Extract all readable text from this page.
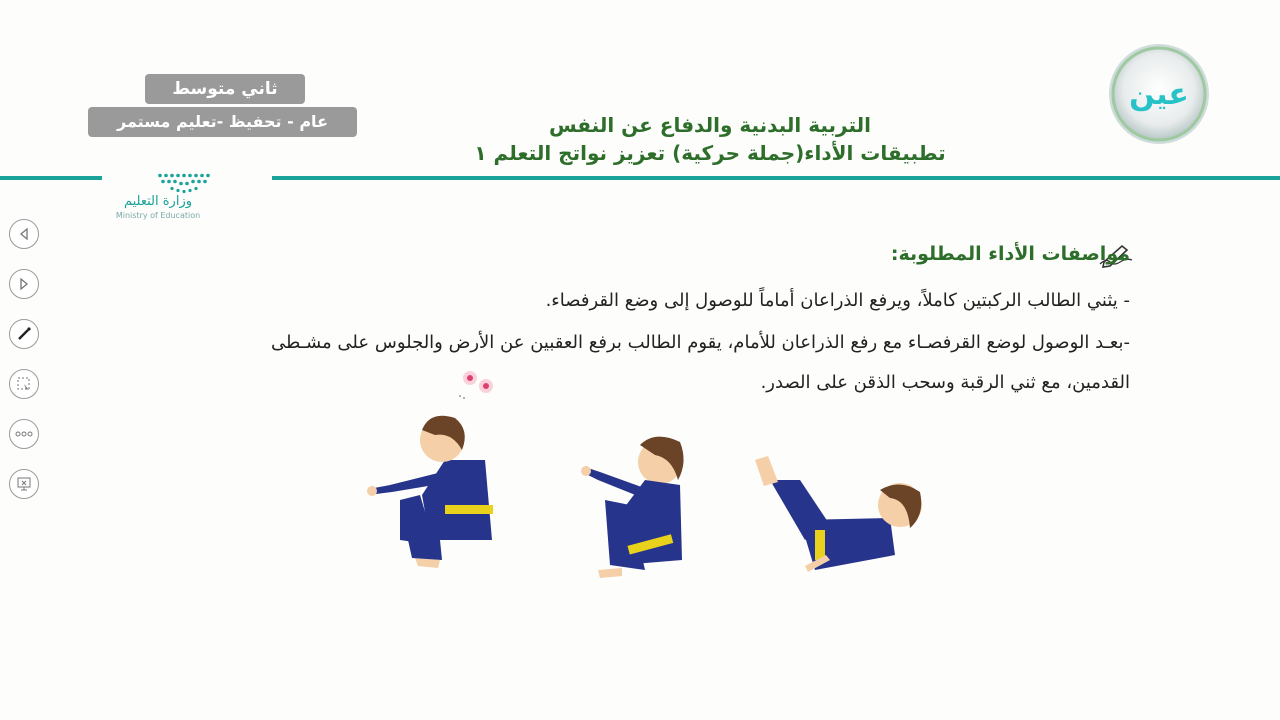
ثاني متوسط
عام - تحفيظ -تعليم مستمر	التربية البدنية والدفاع عن النفس
تطبيقات الأداء(جملة حركية) تعزيز نواتج التعلم ١
وزارة التعليم
Ministry of Education
عين
مواصفات الأداء المطلوبة:
- يثني الطالب الركبتين كاملاً، ويرفع الذراعان أماماً للوصول إلى وضع القرفصاء.
-بعـد الوصول لوضع القرفصـاء مع رفع الذراعان للأمام، يقوم الطالب برفع العقبين عن الأرض والجلوس على مشـطى
القدمين، مع ثني الرقبة وسحب الذقن على الصدر.
